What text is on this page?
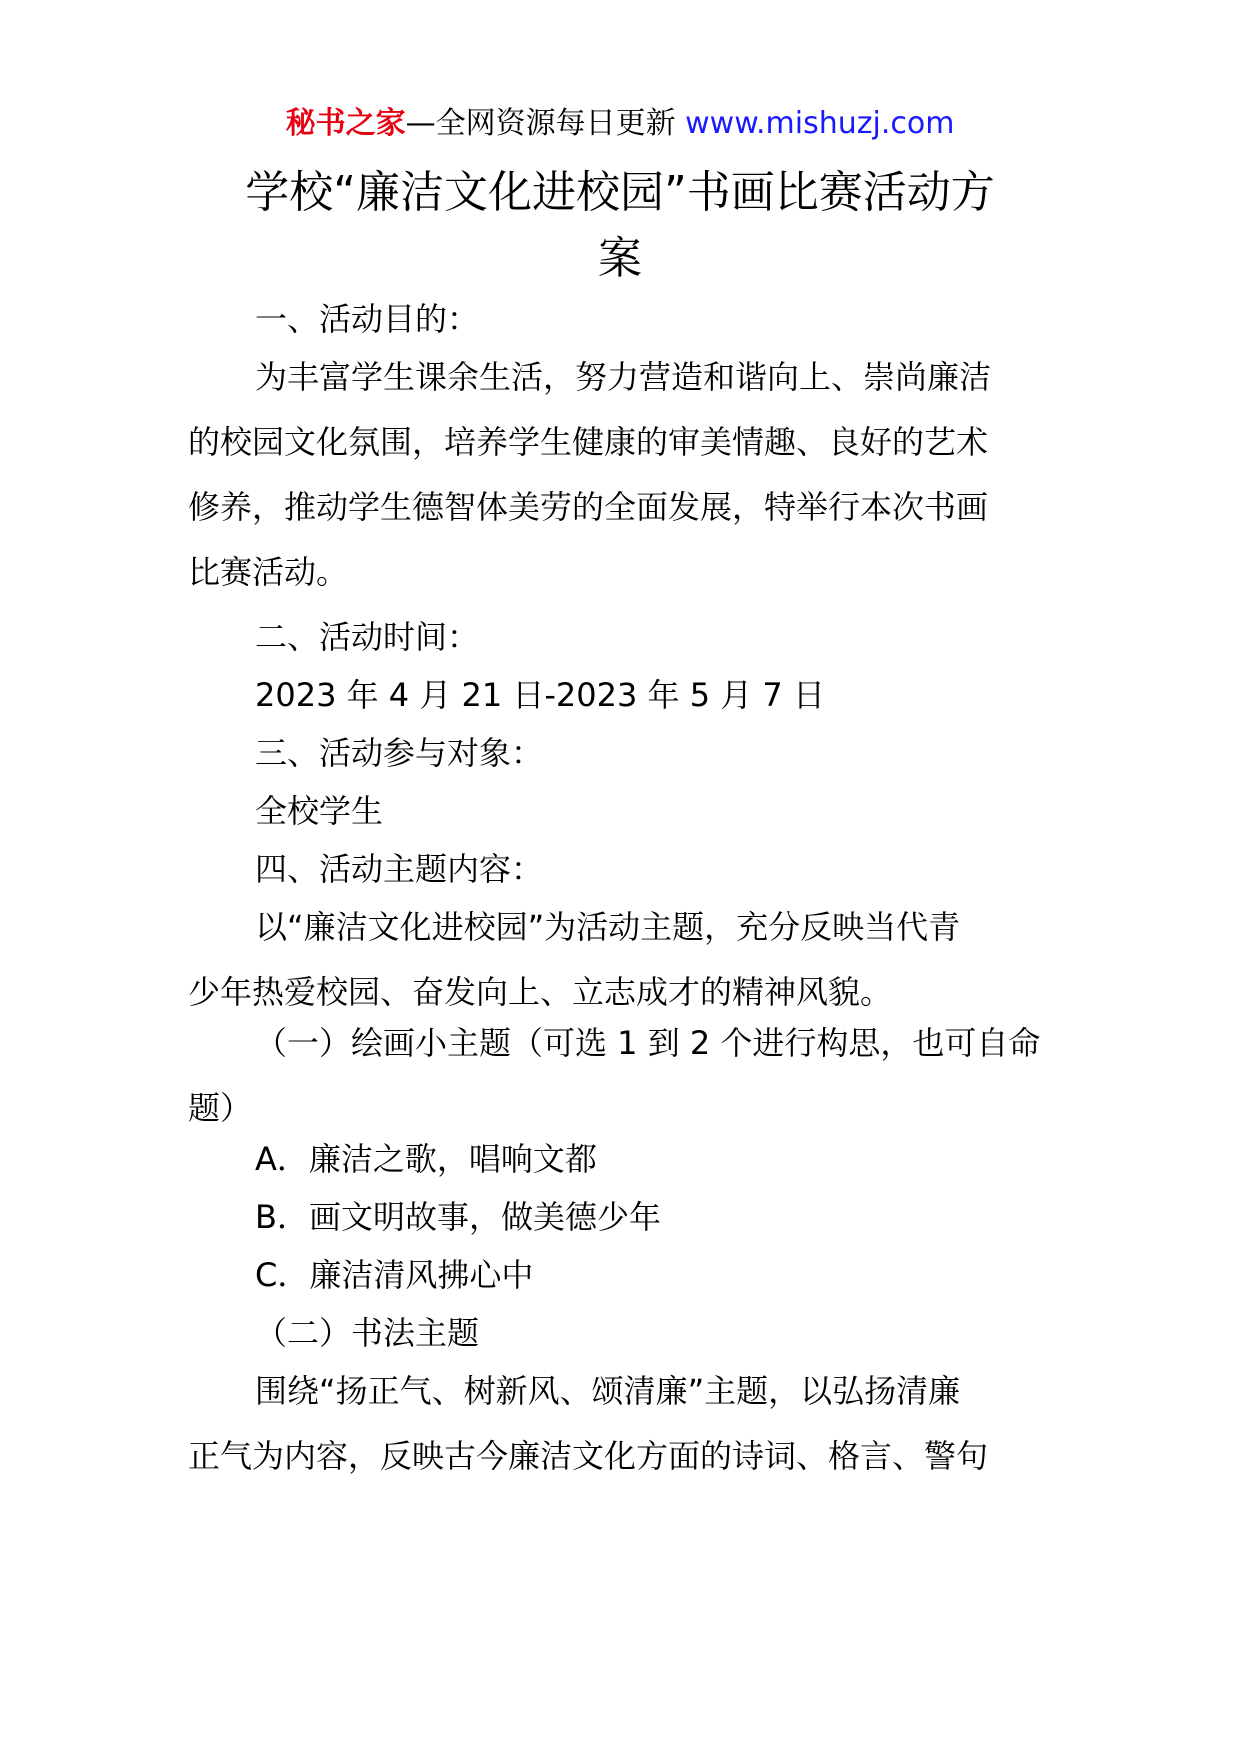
秘书之家—全网资源每日更新 www.mishuzj.com
学校“廉洁文化进校园”书画比赛活动方
案

一、活动目的：

为丰富学生课余生活，努力营造和谐向上、崇尚廉洁
的校园文化氛围，培养学生健康的审美情趣、良好的艺术
修养，推动学生德智体美劳的全面发展，特举行本次书画
比赛活动。

二、活动时间：

2023 年 4 月 21 日-2023 年 5 月 7 日

三、活动参与对象：

全校学生

四、活动主题内容：

以“廉洁文化进校园”为活动主题，充分反映当代青
少年热爱校园、奋发向上、立志成才的精神风貌。
（一）绘画小主题（可选 1 到 2 个进行构思，也可自命
题）

A．廉洁之歌，唱响文都

B．画文明故事，做美德少年

C．廉洁清风拂心中

（二）书法主题

围绕“扬正气、树新风、颂清廉”主题，以弘扬清廉
正气为内容，反映古今廉洁文化方面的诗词、格言、警句
